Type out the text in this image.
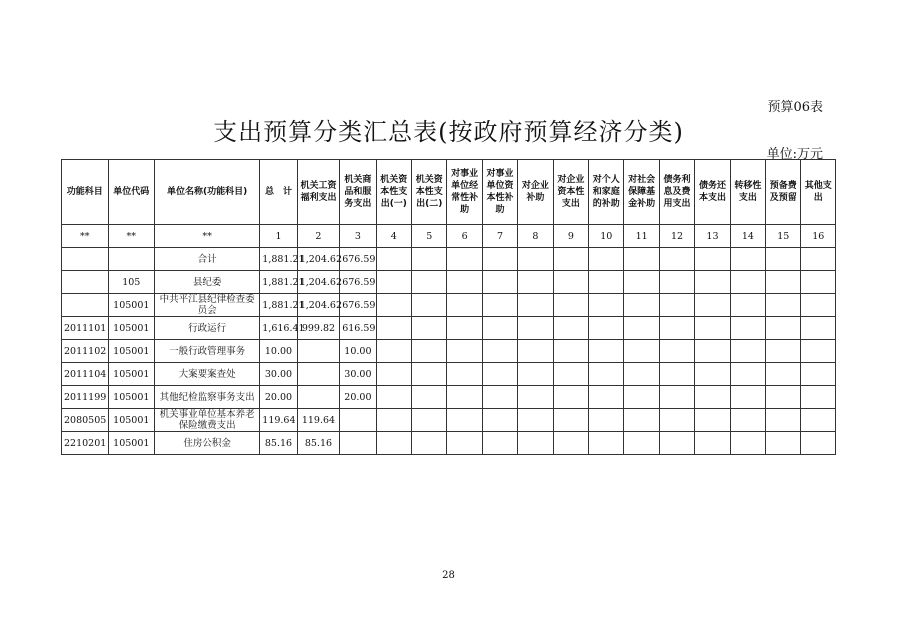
预算06表
支出预算分类汇总表(按政府预算经济分类)
单位:万元
功能科目	单位代码	单位名称(功能科目)	总　计	机关工资福利支出	机关商品和服务支出	机关资本性支出(一)	机关资本性支出(二)	对事业单位经常性补助	对事业单位资本性补助	对企业补助	对企业资本性支出	对个人和家庭的补助	对社会保障基金补助	债务利息及费用支出	债务还本支出	转移性支出	预备费及预留	其他支出
**	**	**	1	2	3	4	5	6	7	8	9	10	11	12	13	14	15	16
		合计	1,881.21	1,204.62	676.59													
	105	县纪委	1,881.21	1,204.62	676.59													
	105001	中共平江县纪律检查委员会	1,881.21	1,204.62	676.59													
2011101	105001	行政运行	1,616.41	999.82	616.59													
2011102	105001	一般行政管理事务	10.00		10.00													
2011104	105001	大案要案查处	30.00		30.00													
2011199	105001	其他纪检监察事务支出	20.00		20.00													
2080505	105001	机关事业单位基本养老保险缴费支出	119.64	119.64														
2210201	105001	住房公积金	85.16	85.16														
28
